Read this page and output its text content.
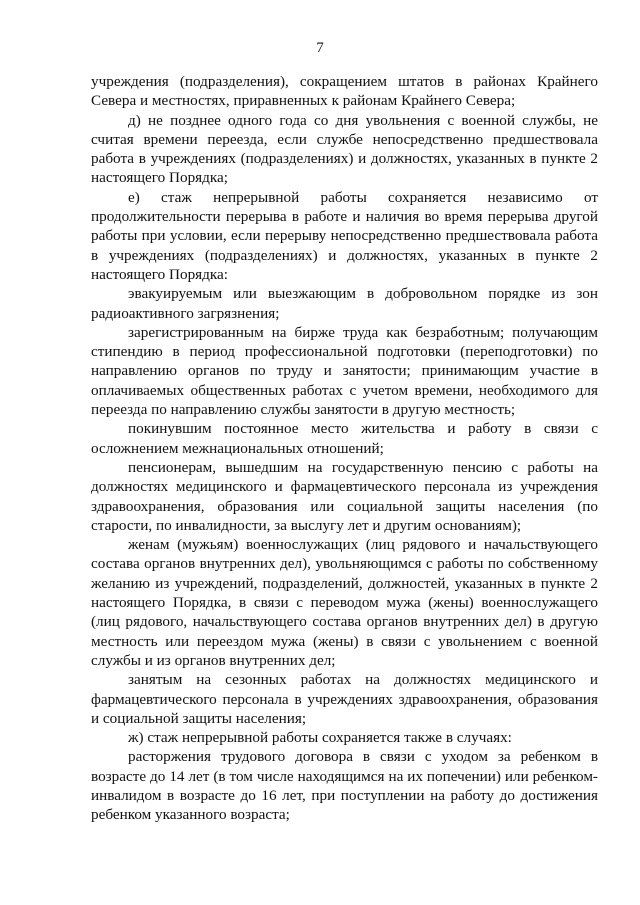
7

учреждения (подразделения), сокращением штатов в районах Крайнего Севера и местностях, приравненных к районам Крайнего Севера;

д) не позднее одного года со дня увольнения с военной службы, не считая времени переезда, если службе непосредственно предшествовала работа в учреждениях (подразделениях) и должностях, указанных в пункте 2 настоящего Порядка;

е) стаж непрерывной работы сохраняется независимо от продолжительности перерыва в работе и наличия во время перерыва другой работы при условии, если перерыву непосредственно предшествовала работа в учреждениях (подразделениях) и должностях, указанных в пункте 2 настоящего Порядка:

эвакуируемым или выезжающим в добровольном порядке из зон радиоактивного загрязнения;

зарегистрированным на бирже труда как безработным; получающим стипендию в период профессиональной подготовки (переподготовки) по направлению органов по труду и занятости; принимающим участие в оплачиваемых общественных работах с учетом времени, необходимого для переезда по направлению службы занятости в другую местность;

покинувшим постоянное место жительства и работу в связи с осложнением межнациональных отношений;

пенсионерам, вышедшим на государственную пенсию с работы на должностях медицинского и фармацевтического персонала из учреждения здравоохранения, образования или социальной защиты населения (по старости, по инвалидности, за выслугу лет и другим основаниям);

женам (мужьям) военнослужащих (лиц рядового и начальствующего состава органов внутренних дел), увольняющимся с работы по собственному желанию из учреждений, подразделений, должностей, указанных в пункте 2 настоящего Порядка, в связи с переводом мужа (жены) военнослужащего (лиц рядового, начальствующего состава органов внутренних дел) в другую местность или переездом мужа (жены) в связи с увольнением с военной службы и из органов внутренних дел;

занятым на сезонных работах на должностях медицинского и фармацевтического персонала в учреждениях здравоохранения, образования и социальной защиты населения;

ж) стаж непрерывной работы сохраняется также в случаях:

расторжения трудового договора в связи с уходом за ребенком в возрасте до 14 лет (в том числе находящимся на их попечении) или ребенком-инвалидом в возрасте до 16 лет, при поступлении на работу до достижения ребенком указанного возраста;
